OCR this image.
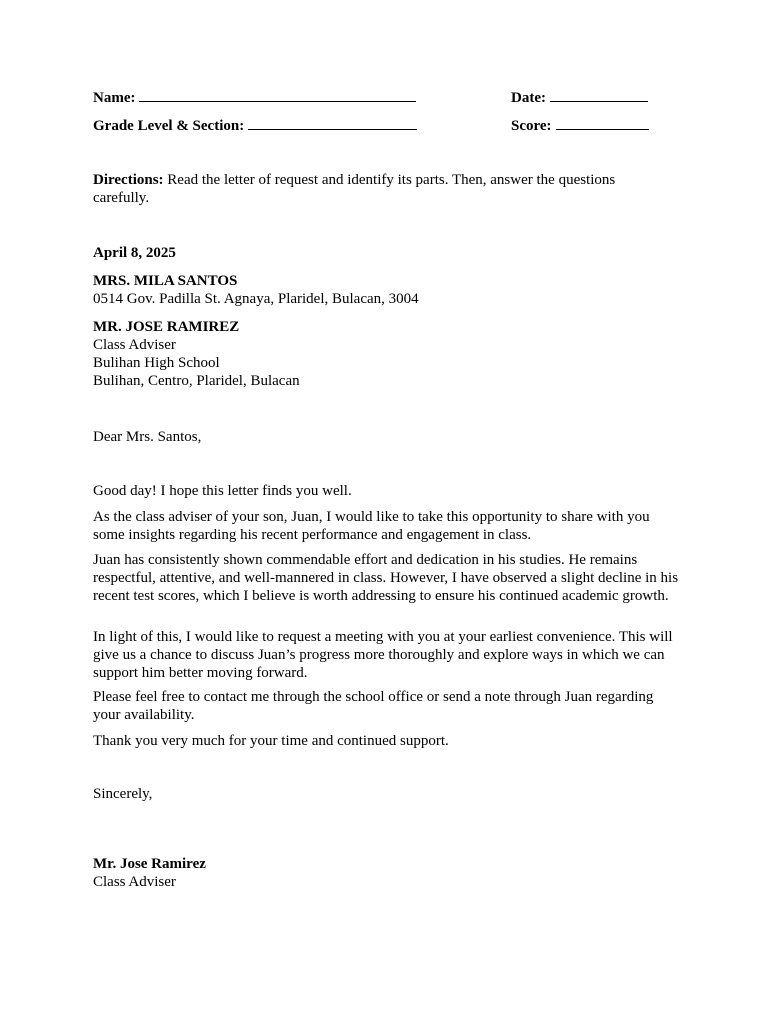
Name:	Date:
Grade Level & Section:	Score:
Directions: Read the letter of request and identify its parts. Then, answer the questions carefully.
April 8, 2025
MRS. MILA SANTOS
0514 Gov. Padilla St. Agnaya, Plaridel, Bulacan, 3004
MR. JOSE RAMIREZ
Class Adviser
Bulihan High School
Bulihan, Centro, Plaridel, Bulacan
Dear Mrs. Santos,
Good day! I hope this letter finds you well.
As the class adviser of your son, Juan, I would like to take this opportunity to share with you some insights regarding his recent performance and engagement in class.
Juan has consistently shown commendable effort and dedication in his studies. He remains respectful, attentive, and well-mannered in class. However, I have observed a slight decline in his recent test scores, which I believe is worth addressing to ensure his continued academic growth.
In light of this, I would like to request a meeting with you at your earliest convenience. This will give us a chance to discuss Juan’s progress more thoroughly and explore ways in which we can support him better moving forward.
Please feel free to contact me through the school office or send a note through Juan regarding your availability.
Thank you very much for your time and continued support.
Sincerely,
Mr. Jose Ramirez
Class Adviser
